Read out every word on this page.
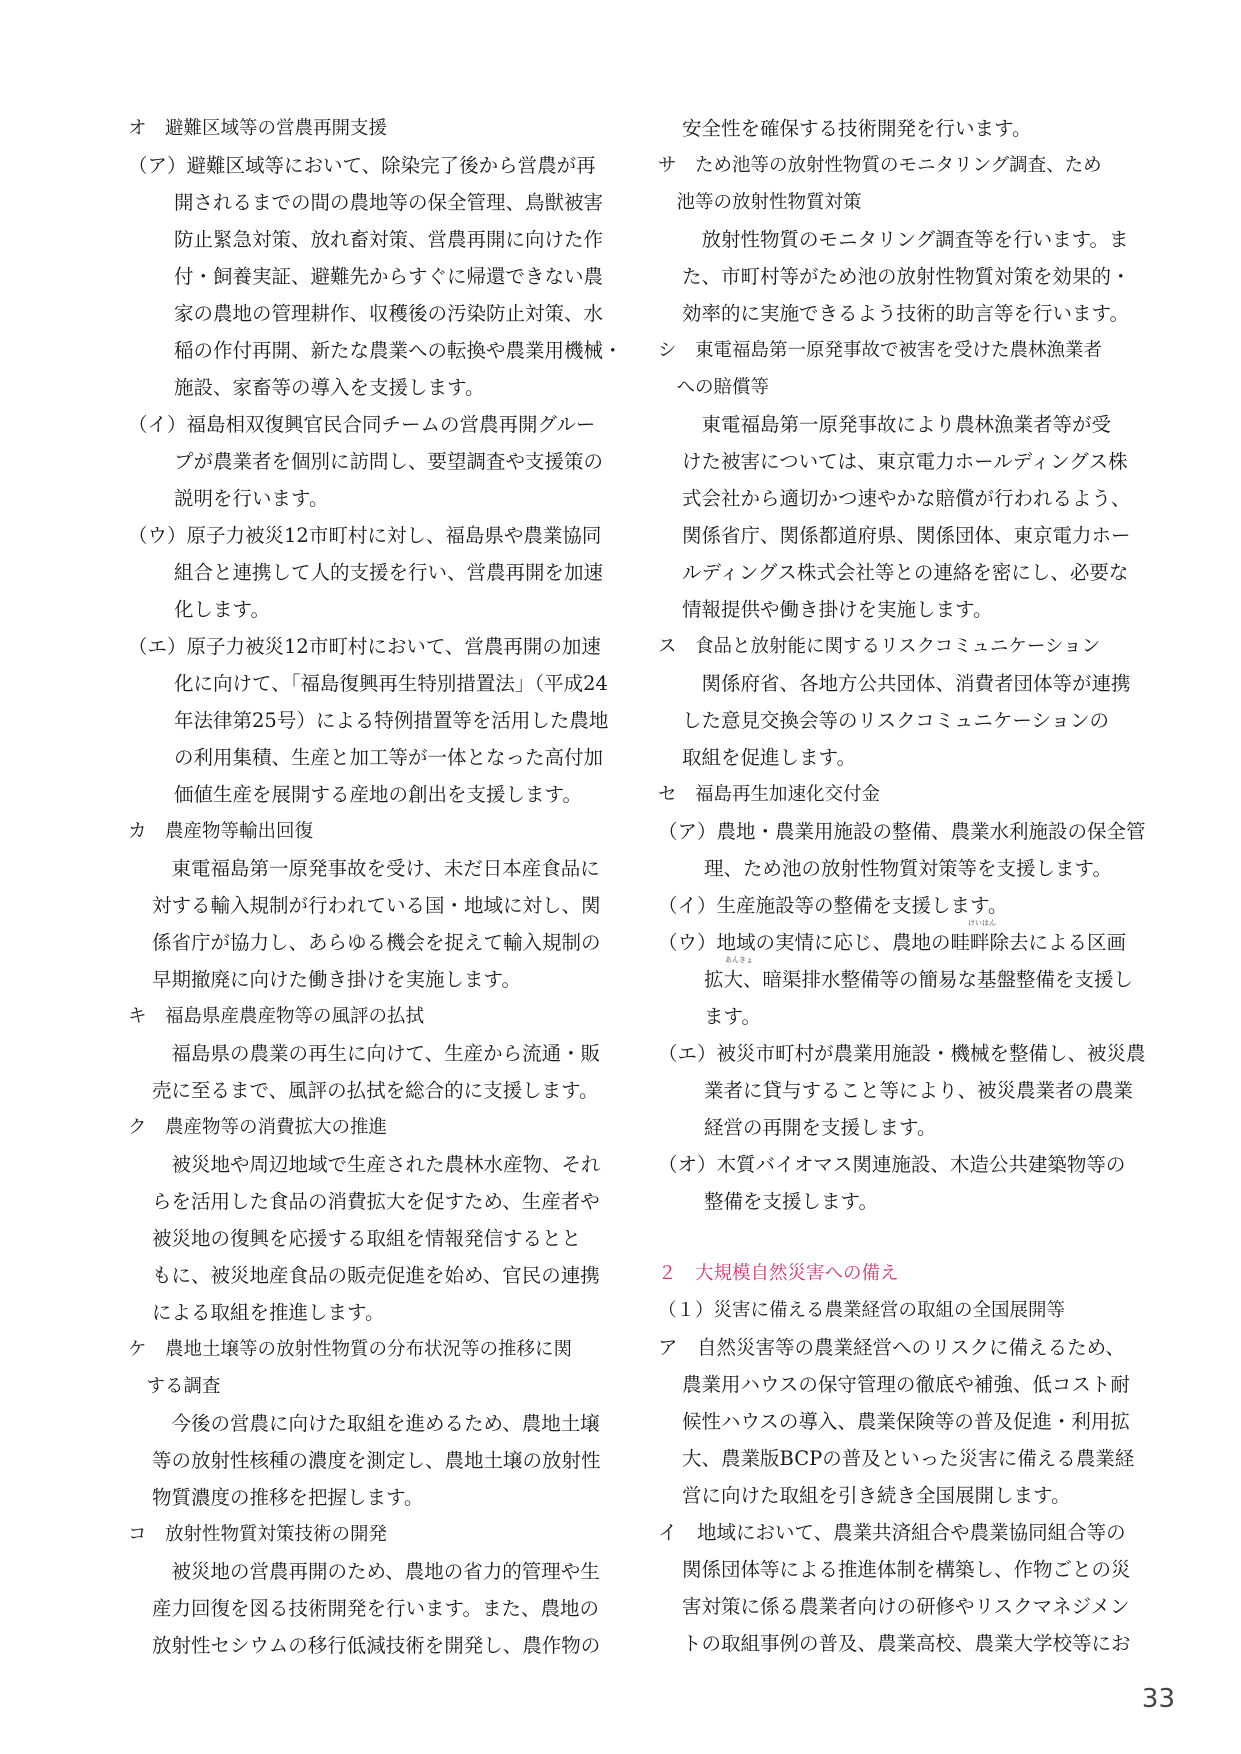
オ　避難区域等の営農再開支援
（ア）避難区域等において、除染完了後から営農が再
開されるまでの間の農地等の保全管理、鳥獣被害
防止緊急対策、放れ畜対策、営農再開に向けた作
付・飼養実証、避難先からすぐに帰還できない農
家の農地の管理耕作、収穫後の汚染防止対策、水
稲の作付再開、新たな農業への転換や農業用機械・
施設、家畜等の導入を支援します。
（イ）福島相双復興官民合同チームの営農再開グルー
プが農業者を個別に訪問し、要望調査や支援策の
説明を行います。
（ウ）原子力被災12市町村に対し、福島県や農業協同
組合と連携して人的支援を行い、営農再開を加速
化します。
（エ）原子力被災12市町村において、営農再開の加速
化に向けて、「福島復興再生特別措置法」（平成24
年法律第25号）による特例措置等を活用した農地
の利用集積、生産と加工等が一体となった高付加
価値生産を展開する産地の創出を支援します。
カ　農産物等輸出回復
　東電福島第一原発事故を受け、未だ日本産食品に
対する輸入規制が行われている国・地域に対し、関
係省庁が協力し、あらゆる機会を捉えて輸入規制の
早期撤廃に向けた働き掛けを実施します。
キ　福島県産農産物等の風評の払拭
　福島県の農業の再生に向けて、生産から流通・販
売に至るまで、風評の払拭を総合的に支援します。
ク　農産物等の消費拡大の推進
　被災地や周辺地域で生産された農林水産物、それ
らを活用した食品の消費拡大を促すため、生産者や
被災地の復興を応援する取組を情報発信するとと
もに、被災地産食品の販売促進を始め、官民の連携
による取組を推進します。
ケ　農地土壌等の放射性物質の分布状況等の推移に関
　する調査
　今後の営農に向けた取組を進めるため、農地土壌
等の放射性核種の濃度を測定し、農地土壌の放射性
物質濃度の推移を把握します。
コ　放射性物質対策技術の開発
　被災地の営農再開のため、農地の省力的管理や生
産力回復を図る技術開発を行います。また、農地の
放射性セシウムの移行低減技術を開発し、農作物の
安全性を確保する技術開発を行います。
サ　ため池等の放射性物質のモニタリング調査、ため
　池等の放射性物質対策
　放射性物質のモニタリング調査等を行います。ま
た、市町村等がため池の放射性物質対策を効果的・
効率的に実施できるよう技術的助言等を行います。
シ　東電福島第一原発事故で被害を受けた農林漁業者
　への賠償等
　東電福島第一原発事故により農林漁業者等が受
けた被害については、東京電力ホールディングス株
式会社から適切かつ速やかな賠償が行われるよう、
関係省庁、関係都道府県、関係団体、東京電力ホー
ルディングス株式会社等との連絡を密にし、必要な
情報提供や働き掛けを実施します。
ス　食品と放射能に関するリスクコミュニケーション
　関係府省、各地方公共団体、消費者団体等が連携
した意見交換会等のリスクコミュニケーションの
取組を促進します。
セ　福島再生加速化交付金
（ア）農地・農業用施設の整備、農業水利施設の保全管
理、ため池の放射性物質対策等を支援します。
（イ）生産施設等の整備を支援します。
（ウ）地域の実情に応じ、農地の畦畔除去による区画
拡大、暗渠排水整備等の簡易な基盤整備を支援し
ます。
（エ）被災市町村が農業用施設・機械を整備し、被災農
業者に貸与すること等により、被災農業者の農業
経営の再開を支援します。
（オ）木質バイオマス関連施設、木造公共建築物等の
整備を支援します。
２　大規模自然災害への備え
（１）災害に備える農業経営の取組の全国展開等
ア　自然災害等の農業経営へのリスクに備えるため、
農業用ハウスの保守管理の徹底や補強、低コスト耐
候性ハウスの導入、農業保険等の普及促進・利用拡
大、農業版BCPの普及といった災害に備える農業経
営に向けた取組を引き続き全国展開します。
イ　地域において、農業共済組合や農業協同組合等の
関係団体等による推進体制を構築し、作物ごとの災
害対策に係る農業者向けの研修やリスクマネジメン
トの取組事例の普及、農業高校、農業大学校等にお
けいはん
あんきょ
33
